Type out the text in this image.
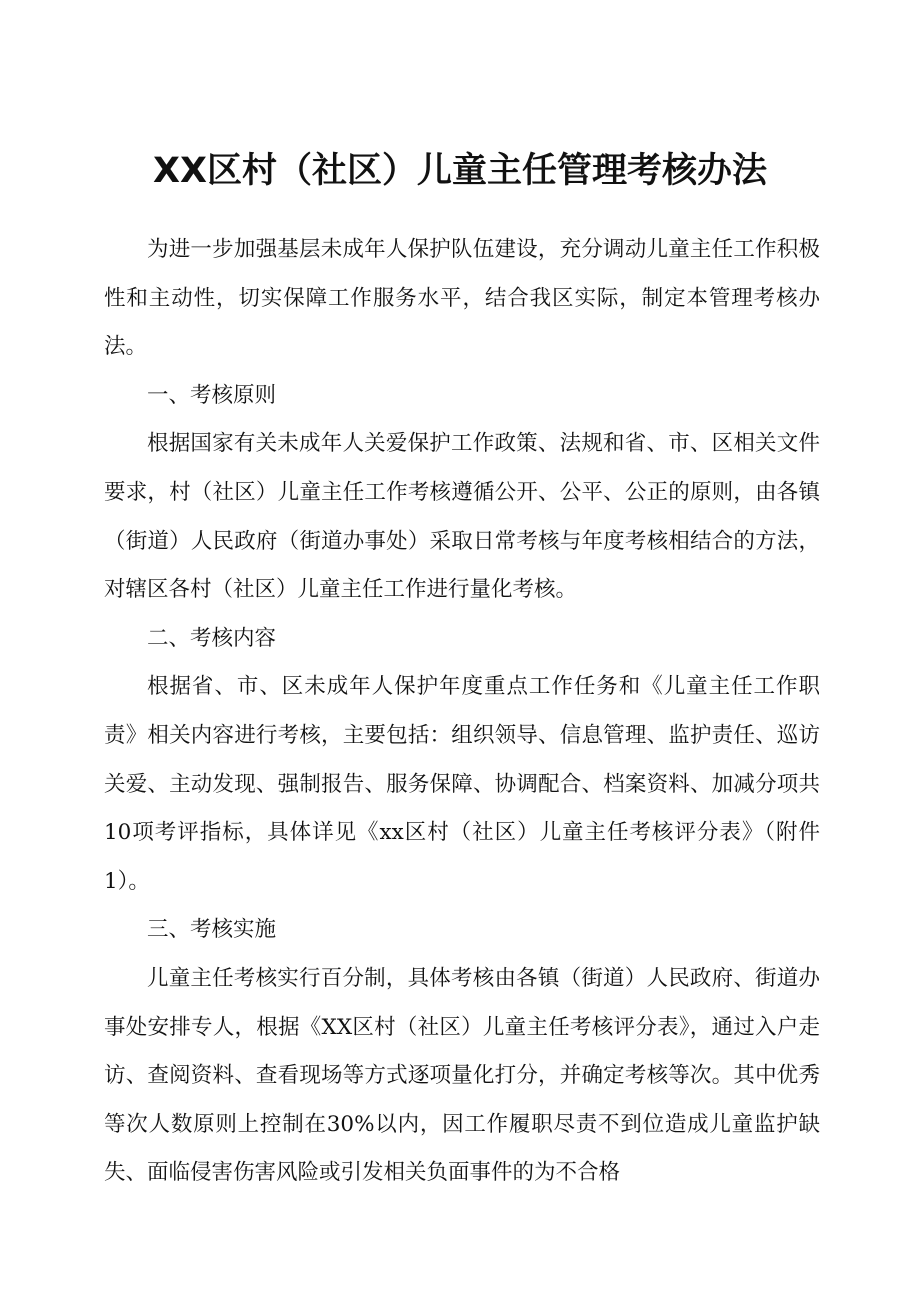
XX区村（社区）儿童主任管理考核办法

为进一步加强基层未成年人保护队伍建设，充分调动儿童主任工作积极性和主动性，切实保障工作服务水平，结合我区实际，制定本管理考核办法。

一、考核原则

根据国家有关未成年人关爱保护工作政策、法规和省、市、区相关文件要求，村（社区）儿童主任工作考核遵循公开、公平、公正的原则，由各镇（街道）人民政府（街道办事处）采取日常考核与年度考核相结合的方法，对辖区各村（社区）儿童主任工作进行量化考核。

二、考核内容

根据省、市、区未成年人保护年度重点工作任务和《儿童主任工作职责》相关内容进行考核，主要包括：组织领导、信息管理、监护责任、巡访关爱、主动发现、强制报告、服务保障、协调配合、档案资料、加减分项共10项考评指标，具体详见《xx区村（社区）儿童主任考核评分表》（附件1）。

三、考核实施

儿童主任考核实行百分制，具体考核由各镇（街道）人民政府、街道办事处安排专人，根据《XX区村（社区）儿童主任考核评分表》，通过入户走访、查阅资料、查看现场等方式逐项量化打分，并确定考核等次。其中优秀等次人数原则上控制在30%以内，因工作履职尽责不到位造成儿童监护缺失、面临侵害伤害风险或引发相关负面事件的为不合格
